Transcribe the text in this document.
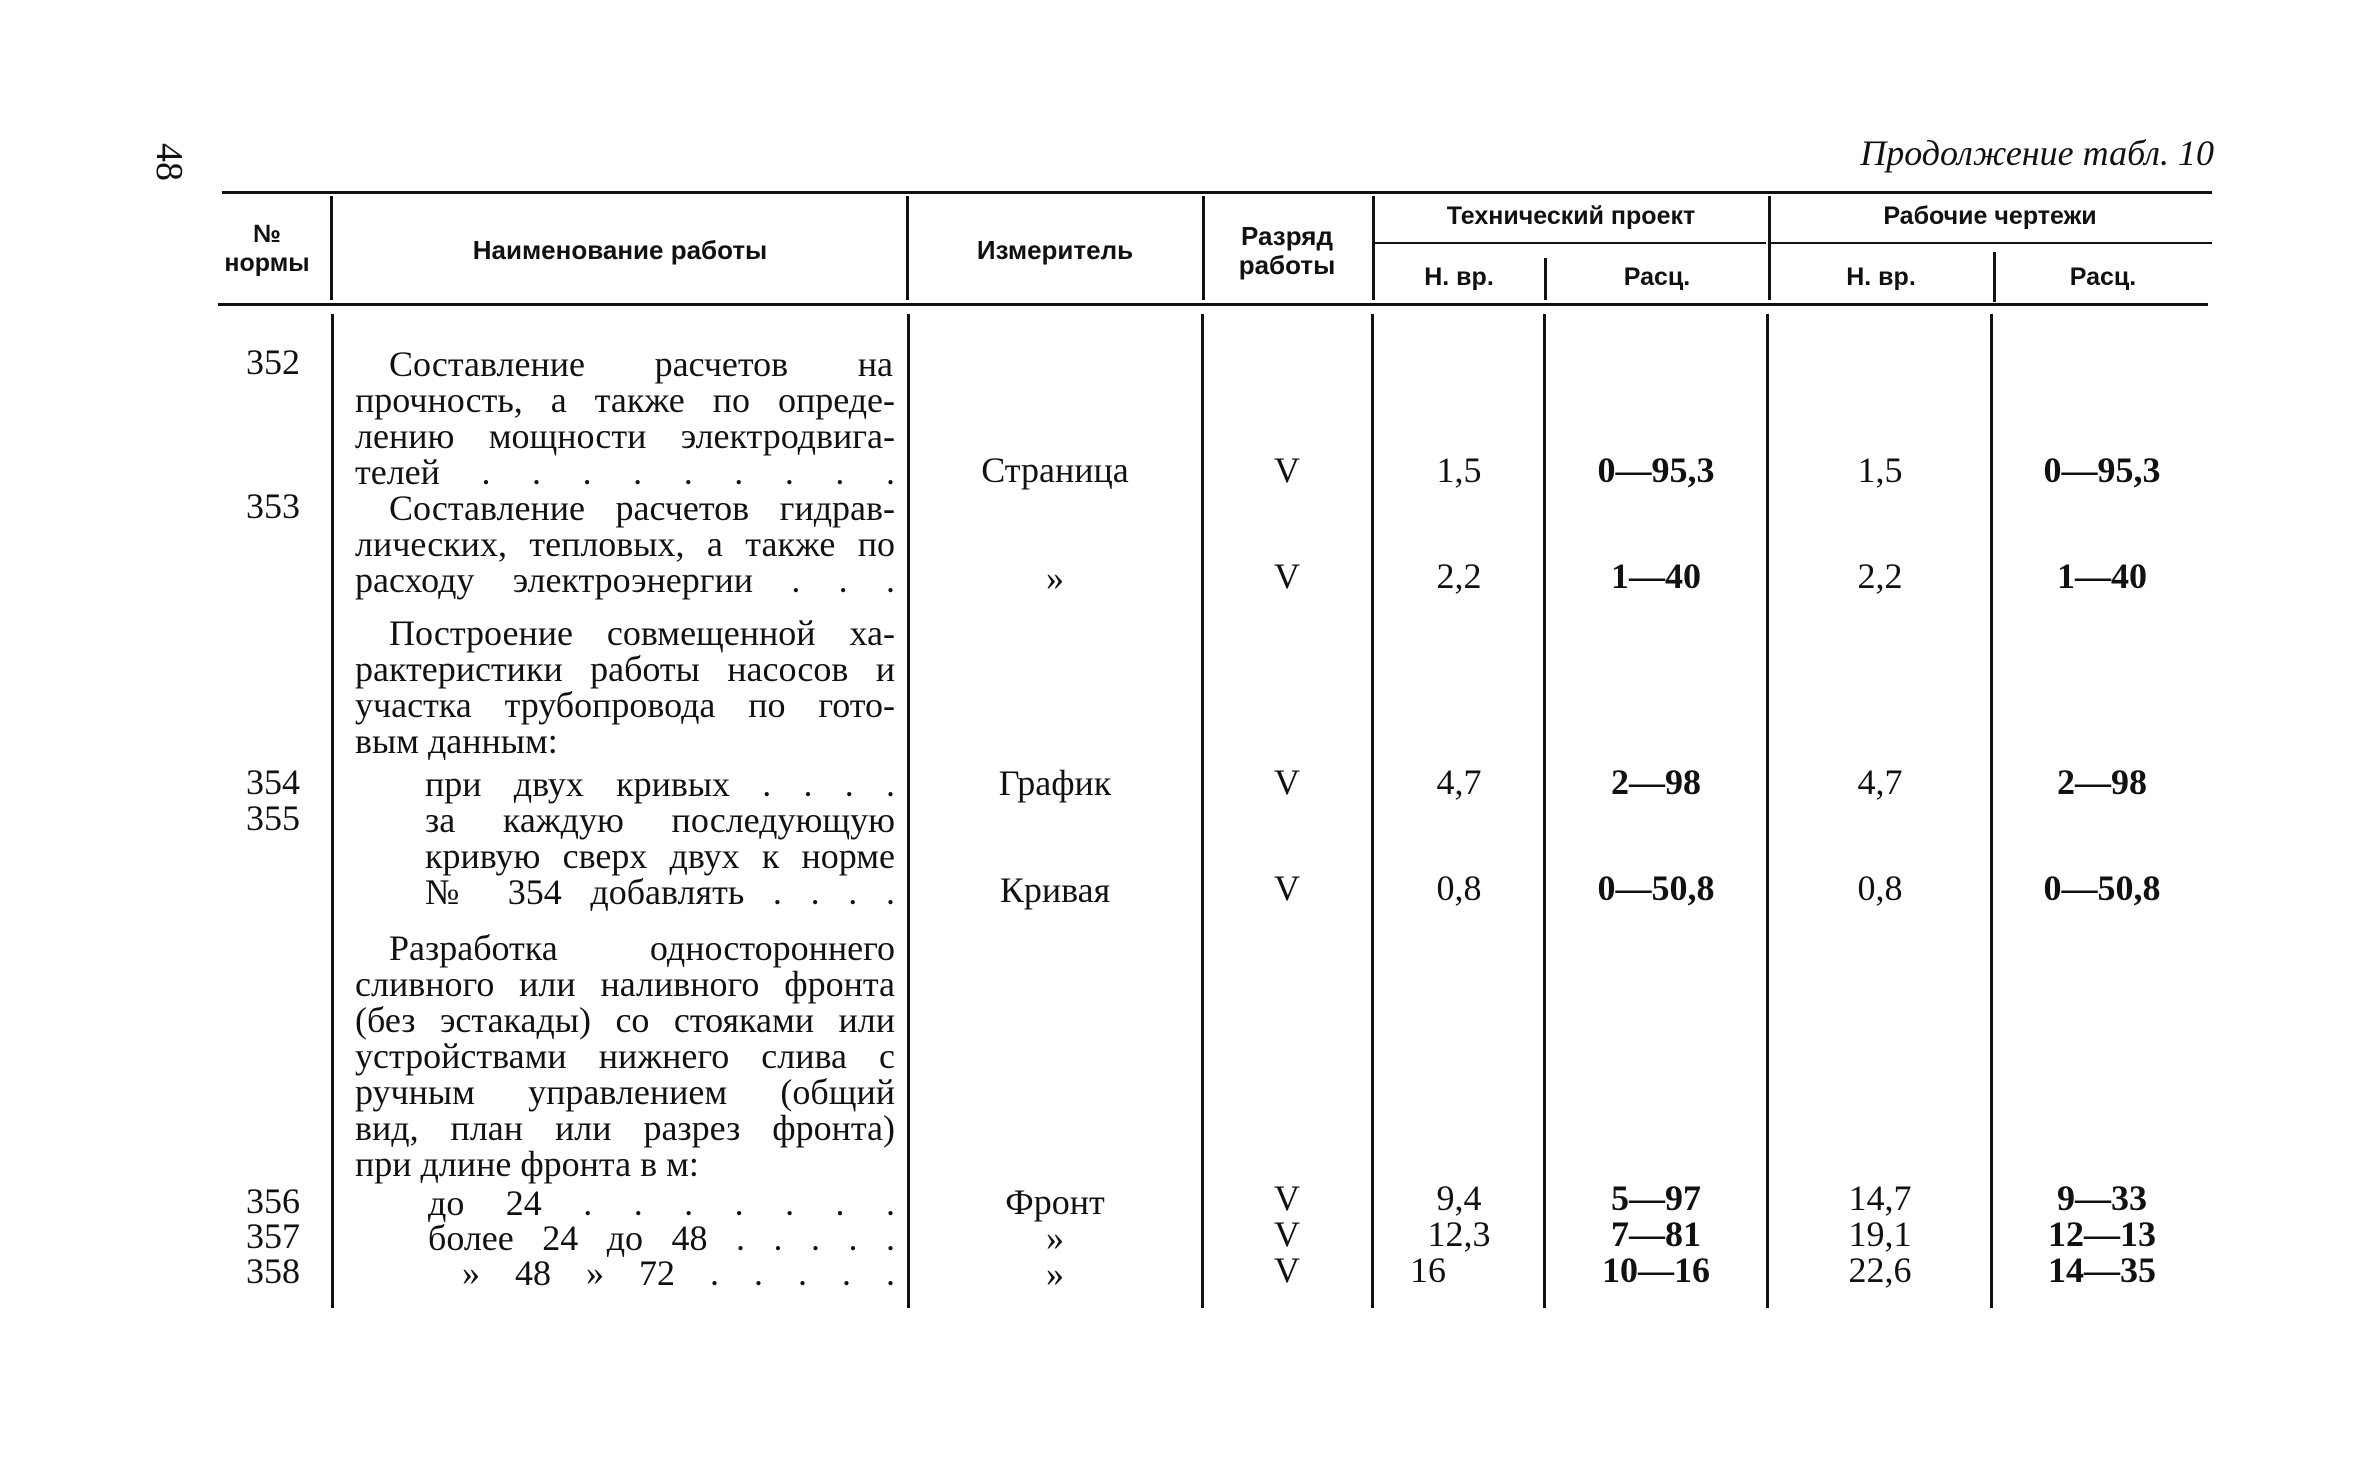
48	Продолжение табл. 10
№
нормы	Наименование работы	Измеритель	Разряд
работы
Технический проект	Рабочие чертежи
Н. вр.	Расц.	Н. вр.	Расц.
352	Составление расчетов на
прочность, а также по опреде-
лению мощности электродвига-
телей . . . . . . . . .	Страница	V	1,5	0—95,3	1,5	0—95,3
353	Составление расчетов гидрав-
лических, тепловых, а также по
расходу электроэнергии . . .	»	V	2,2	1—40	2,2	1—40
Построение совмещенной ха-
рактеристики работы насосов и
участка трубопровода по гото-
вым данным:
354	при двух кривых . . . .	График	V	4,7	2—98	4,7	2—98
355	за каждую последующую
кривую сверх двух к норме
№ 354 добавлять . . . .	Кривая	V	0,8	0—50,8	0,8	0—50,8
Разработка одностороннего
сливного или наливного фронта
(без эстакады) со стояками или
устройствами нижнего слива с
ручным управлением (общий
вид, план или разрез фронта)
при длине фронта в м:
356	до 24 . . . . . . .	Фронт	V	9,4	5—97	14,7	9—33
357	более 24 до 48 . . . . .	»	V	12,3	7—81	19,1	12—13
358	» 48 » 72 . . . . .	»	V	16	10—16	22,6	14—35
